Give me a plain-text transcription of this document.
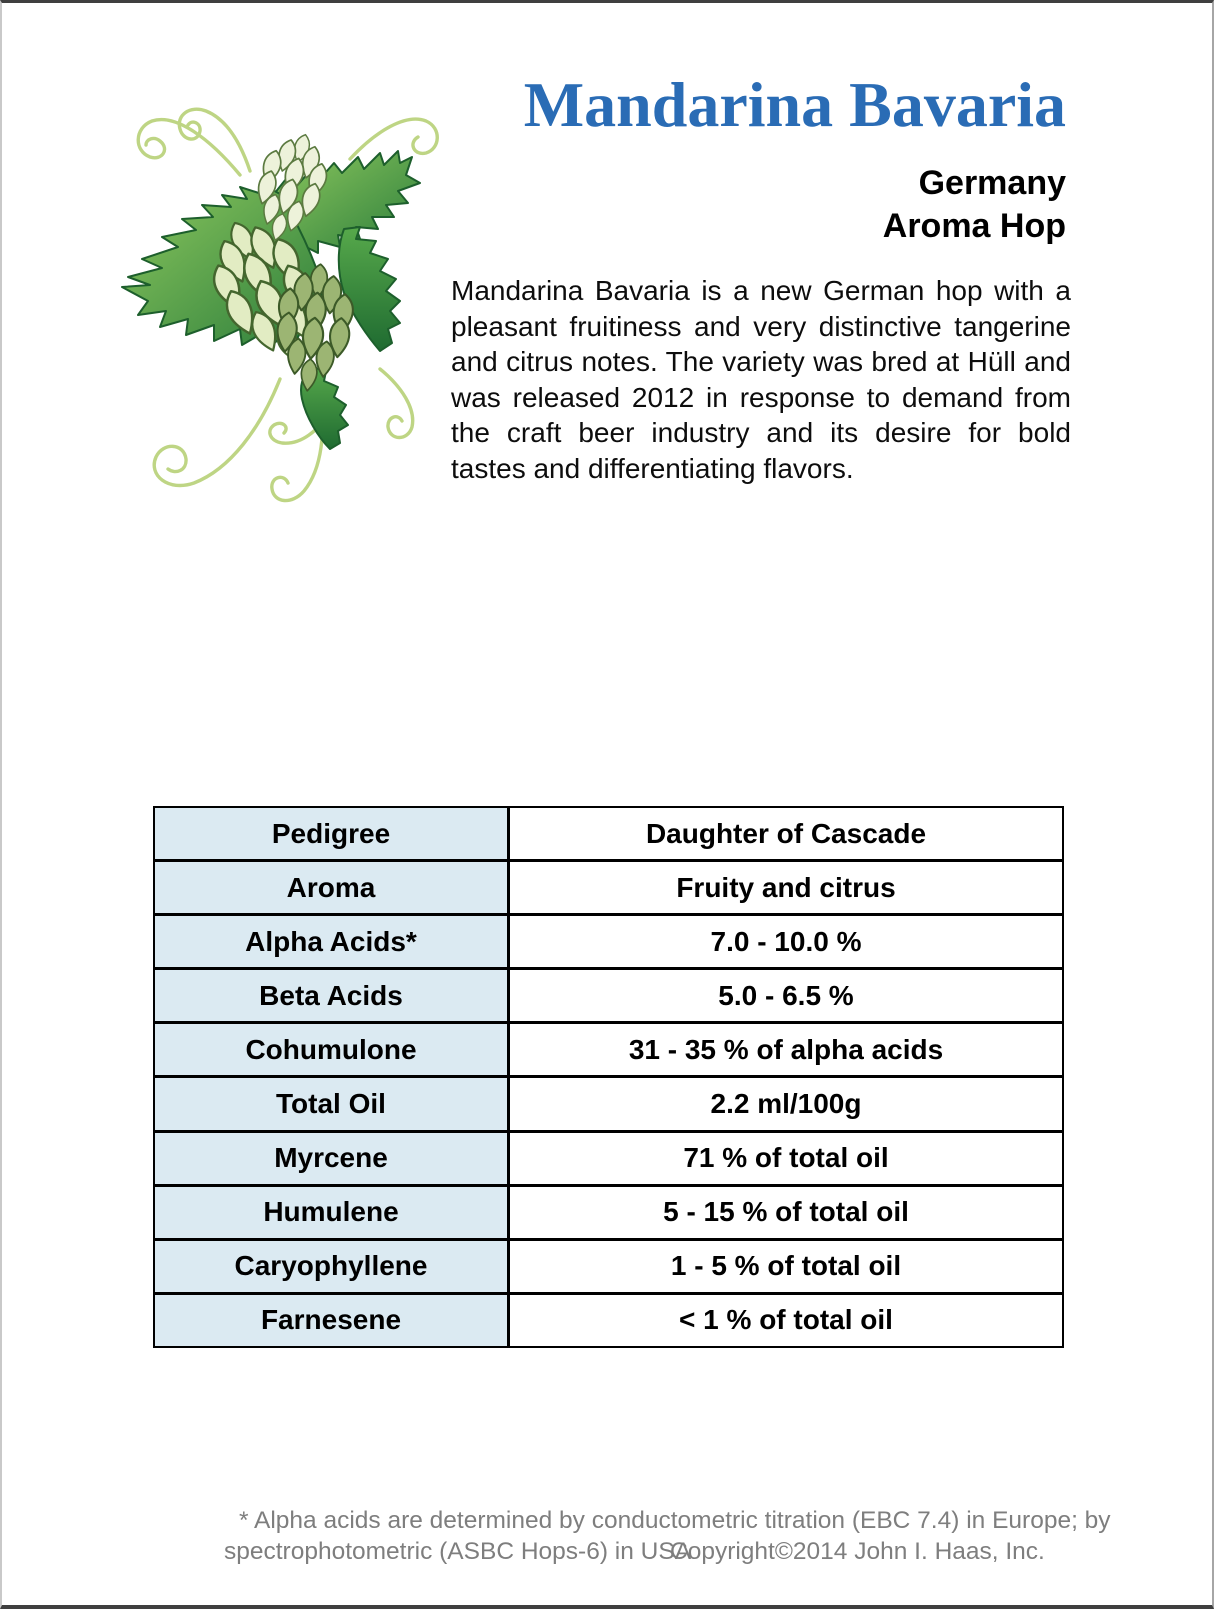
Mandarina Bavaria
Germany
Aroma Hop
Mandarina Bavaria is a new German hop with a pleasant fruitiness and very distinctive tangerine and citrus notes. The variety was bred at Hüll and was released 2012 in response to demand from the craft beer industry and its desire for bold tastes and differentiating flavors.
Pedigree	Daughter of Cascade
Aroma	Fruity and citrus
Alpha Acids*	7.0 - 10.0 %
Beta Acids	5.0 - 6.5 %
Cohumulone	31 - 35 % of alpha acids
Total Oil	2.2 ml/100g
Myrcene	71 % of total oil
Humulene	5 - 15 % of total oil
Caryophyllene	1 - 5 % of total oil
Farnesene	< 1 % of total oil
* Alpha acids are determined by conductometric titration (EBC 7.4) in Europe; by
spectrophotometric (ASBC Hops-6) in USA
Copyright©2014 John I. Haas, Inc.
